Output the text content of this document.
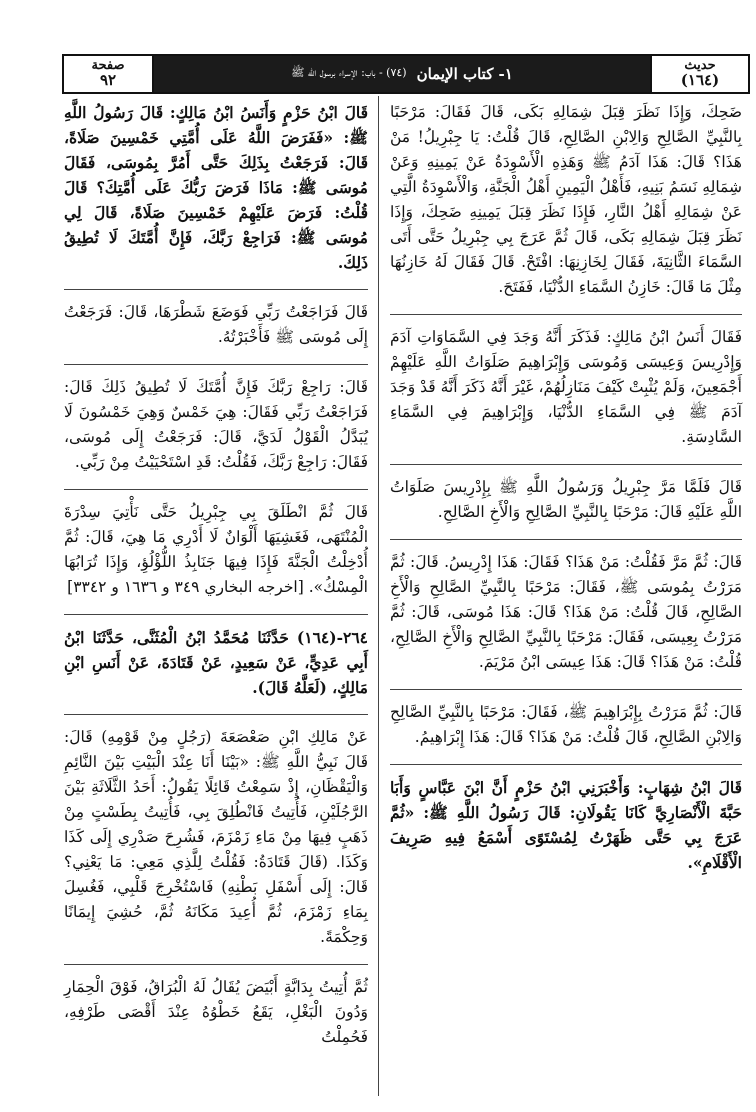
صفحة
٩٢	١- كتاب الإيمان
(٧٤) - باب: الإسراء برسول الله ﷺ	حديث
(١٦٤)

ضَحِكَ، وَإِذَا نَظَرَ قِبَلَ شِمَالِهِ بَكَى، قَالَ فَقَالَ: مَرْحَبًا بِالنَّبِيِّ الصَّالِحِ وَالِابْنِ الصَّالِحِ، قَالَ قُلْتُ: يَا جِبْرِيلُ! مَنْ هَذَا؟ قَالَ: هَذَا آدَمُ ﷺ وَهَذِهِ الْأَسْوِدَةُ عَنْ يَمِينِهِ وَعَنْ شِمَالِهِ نَسَمُ بَنِيهِ، فَأَهْلُ الْيَمِينِ أَهْلُ الْجَنَّةِ، وَالْأَسْوِدَةُ الَّتِي عَنْ شِمَالِهِ أَهْلُ النَّارِ، فَإِذَا نَظَرَ قِبَلَ يَمِينِهِ ضَحِكَ، وَإِذَا نَظَرَ قِبَلَ شِمَالِهِ بَكَى، قَالَ ثُمَّ عَرَجَ بِي جِبْرِيلُ حَتَّى أَتَى السَّمَاءَ الثَّانِيَةَ، فَقَالَ لِخَازِنِهَا: افْتَحْ. قَالَ فَقَالَ لَهُ خَازِنُهَا مِثْلَ مَا قَالَ: خَازِنُ السَّمَاءِ الدُّنْيَا، فَفَتَحَ.

فَقَالَ أَنَسُ ابْنُ مَالِكٍ: فَذَكَرَ أَنَّهُ وَجَدَ فِي السَّمَاوَاتِ آدَمَ وَإِدْرِيسَ وَعِيسَى وَمُوسَى وَإِبْرَاهِيمَ صَلَوَاتُ اللَّهِ عَلَيْهِمْ أَجْمَعِينَ، وَلَمْ يُثْبِتْ كَيْفَ مَنَازِلُهُمْ، غَيْرَ أَنَّهُ ذَكَرَ أَنَّهُ قَدْ وَجَدَ آدَمَ ﷺ فِي السَّمَاءِ الدُّنْيَا، وَإِبْرَاهِيمَ فِي السَّمَاءِ السَّادِسَةِ.

قَالَ فَلَمَّا مَرَّ جِبْرِيلُ وَرَسُولُ اللَّهِ ﷺ بِإِدْرِيسَ صَلَوَاتُ اللَّهِ عَلَيْهِ قَالَ: مَرْحَبًا بِالنَّبِيِّ الصَّالِحِ وَالْأَخِ الصَّالِحِ.

قَالَ: ثُمَّ مَرَّ فَقُلْتُ: مَنْ هَذَا؟ فَقَالَ: هَذَا إِدْرِيسُ. قَالَ: ثُمَّ مَرَرْتُ بِمُوسَى ﷺ، فَقَالَ: مَرْحَبًا بِالنَّبِيِّ الصَّالِحِ وَالْأَخِ الصَّالِحِ، قَالَ قُلْتُ: مَنْ هَذَا؟ قَالَ: هَذَا مُوسَى، قَالَ: ثُمَّ مَرَرْتُ بِعِيسَى، فَقَالَ: مَرْحَبًا بِالنَّبِيِّ الصَّالِحِ وَالْأَخِ الصَّالِحِ، قُلْتُ: مَنْ هَذَا؟ قَالَ: هَذَا عِيسَى ابْنُ مَرْيَمَ.

قَالَ: ثُمَّ مَرَرْتُ بِإِبْرَاهِيمَ ﷺ، فَقَالَ: مَرْحَبًا بِالنَّبِيِّ الصَّالِحِ وَالِابْنِ الصَّالِحِ، قَالَ قُلْتُ: مَنْ هَذَا؟ قَالَ: هَذَا إِبْرَاهِيمُ.

قَالَ ابْنُ شِهَابٍ: وَأَخْبَرَنِي ابْنُ حَزْمٍ أَنَّ ابْنَ عَبَّاسٍ وَأَبَا حَبَّةَ الْأَنْصَارِيَّ كَانَا يَقُولَانِ: قَالَ رَسُولُ اللَّهِ ﷺ: «ثُمَّ عَرَجَ بِي حَتَّى ظَهَرْتُ لِمُسْتَوًى أَسْمَعُ فِيهِ صَرِيفَ الْأَقْلَامِ».

قَالَ ابْنُ حَزْمٍ وَأَنَسُ ابْنُ مَالِكٍ: قَالَ رَسُولُ اللَّهِ ﷺ: «فَفَرَضَ اللَّهُ عَلَى أُمَّتِي خَمْسِينَ صَلَاةً، قَالَ: فَرَجَعْتُ بِذَلِكَ حَتَّى أَمُرَّ بِمُوسَى، فَقَالَ مُوسَى ﷺ: مَاذَا فَرَضَ رَبُّكَ عَلَى أُمَّتِكَ؟ قَالَ قُلْتُ: فَرَضَ عَلَيْهِمْ خَمْسِينَ صَلَاةً، قَالَ لِي مُوسَى ﷺ: فَرَاجِعْ رَبَّكَ، فَإِنَّ أُمَّتَكَ لَا تُطِيقُ ذَلِكَ.

قَالَ فَرَاجَعْتُ رَبِّي فَوَضَعَ شَطْرَهَا، قَالَ: فَرَجَعْتُ إِلَى مُوسَى ﷺ فَأَخْبَرْتُهُ.

قَالَ: رَاجِعْ رَبَّكَ فَإِنَّ أُمَّتَكَ لَا تُطِيقُ ذَلِكَ قَالَ: فَرَاجَعْتُ رَبِّي فَقَالَ: هِيَ خَمْسٌ وَهِيَ خَمْسُونَ لَا يُبَدَّلُ الْقَوْلُ لَدَيَّ، قَالَ: فَرَجَعْتُ إِلَى مُوسَى، فَقَالَ: رَاجِعْ رَبَّكَ، فَقُلْتُ: قَدِ اسْتَحْيَيْتُ مِنْ رَبِّي.

قَالَ ثُمَّ انْطَلَقَ بِي جِبْرِيلُ حَتَّى نَأْتِيَ سِدْرَةَ الْمُنْتَهَى، فَغَشِيَهَا أَلْوَانٌ لَا أَدْرِي مَا هِيَ، قَالَ: ثُمَّ أُدْخِلْتُ الْجَنَّةَ فَإِذَا فِيهَا جَنَابِذُ اللُّؤْلُؤِ، وَإِذَا تُرَابُهَا الْمِسْكُ». [اخرجه البخاري ٣٤٩ و ١٦٣٦ و ٣٣٤٢]

٢٦٤-(١٦٤) حَدَّثَنَا مُحَمَّدُ ابْنُ الْمُثَنَّى، حَدَّثَنَا ابْنُ أَبِي عَدِيٍّ، عَنْ سَعِيدٍ، عَنْ قَتَادَةَ، عَنْ أَنَسِ ابْنِ مَالِكٍ، (لَعَلَّهُ قَالَ).

عَنْ مَالِكِ ابْنِ صَعْصَعَةَ (رَجُلٍ مِنْ قَوْمِهِ) قَالَ: قَالَ نَبِيُّ اللَّهِ ﷺ: «بَيْنَا أَنَا عِنْدَ الْبَيْتِ بَيْنَ النَّائِمِ وَالْيَقْظَانِ، إِذْ سَمِعْتُ قَائِلًا يَقُولُ: أَحَدُ الثَّلَاثَةِ بَيْنَ الرَّجُلَيْنِ، فَأُتِيتُ فَانْطُلِقَ بِي، فَأُتِيتُ بِطَسْتٍ مِنْ ذَهَبٍ فِيهَا مِنْ مَاءِ زَمْزَمَ، فَشُرِحَ صَدْرِي إِلَى كَذَا وَكَذَا. (قَالَ قَتَادَةُ: فَقُلْتُ لِلَّذِي مَعِي: مَا يَعْنِي؟ قَالَ: إِلَى أَسْفَلِ بَطْنِهِ) فَاسْتُخْرِجَ قَلْبِي، فَغُسِلَ بِمَاءِ زَمْزَمَ، ثُمَّ أُعِيدَ مَكَانَهُ ثُمَّ، حُشِيَ إِيمَانًا وَحِكْمَةً.

ثُمَّ أُتِيتُ بِدَابَّةٍ أَبْيَضَ يُقَالُ لَهُ الْبُرَاقُ، فَوْقَ الْحِمَارِ وَدُونَ الْبَغْلِ، يَقَعُ خَطْوُهُ عِنْدَ أَقْصَى طَرْفِهِ، فَحُمِلْتُ
